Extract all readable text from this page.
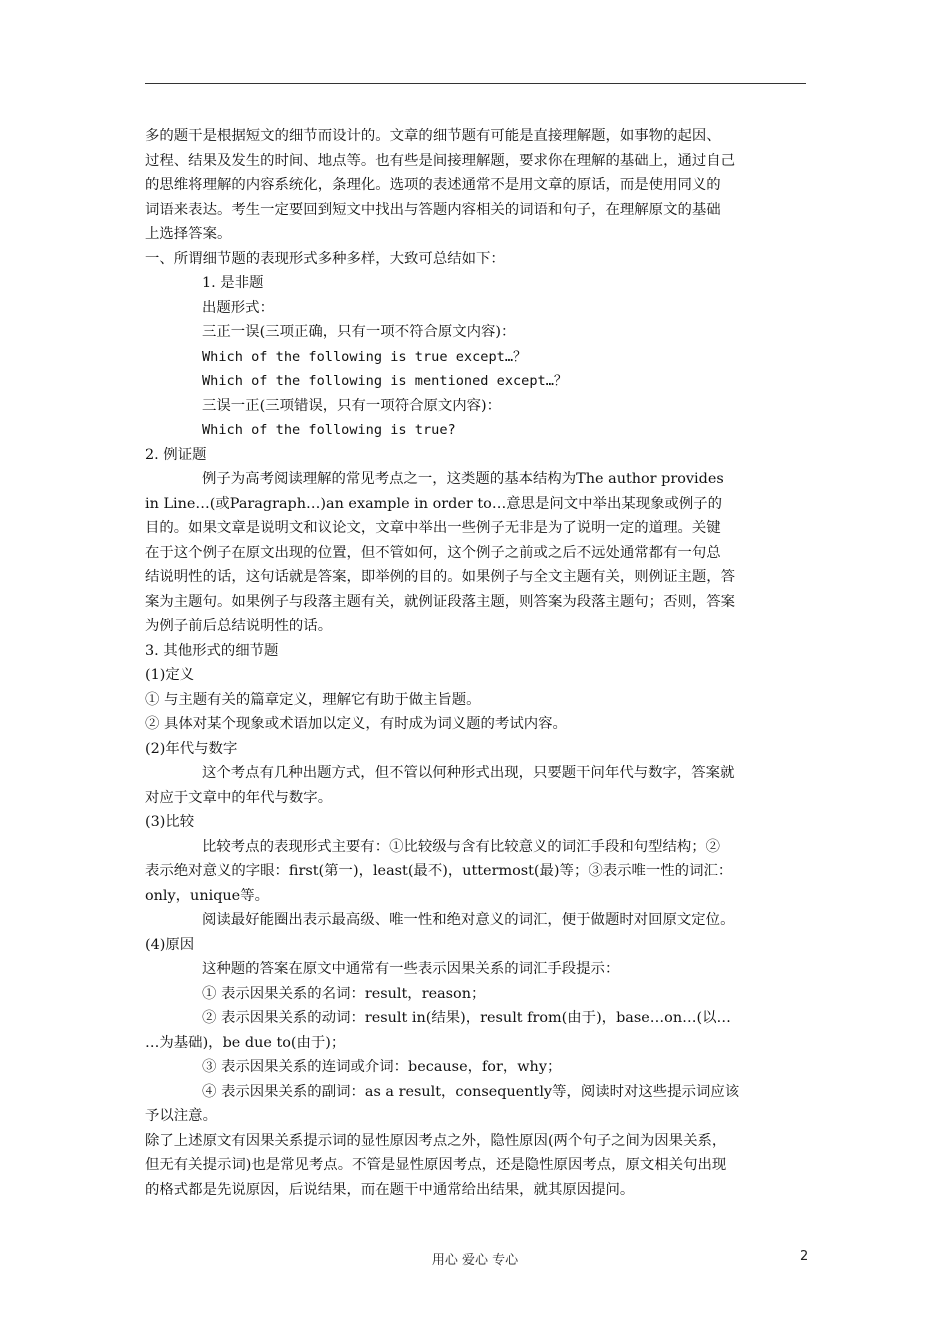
多的题干是根据短文的细节而设计的。文章的细节题有可能是直接理解题，如事物的起因、
过程、结果及发生的时间、地点等。也有些是间接理解题，要求你在理解的基础上，通过自己
的思维将理解的内容系统化，条理化。选项的表述通常不是用文章的原话，而是使用同义的
词语来表达。考生一定要回到短文中找出与答题内容相关的词语和句子，在理解原文的基础
上选择答案。
一、所谓细节题的表现形式多种多样，大致可总结如下：
1. 是非题
出题形式：
三正一误(三项正确，只有一项不符合原文内容)：
Which of the following is true except…？
Which of the following is mentioned except…？
三误一正(三项错误，只有一项符合原文内容)：
Which of the following is true?
2. 例证题
例子为高考阅读理解的常见考点之一，这类题的基本结构为The author provides
in Line…(或Paragraph…)an example in order to…意思是问文中举出某现象或例子的
目的。如果文章是说明文和议论文，文章中举出一些例子无非是为了说明一定的道理。关键
在于这个例子在原文出现的位置，但不管如何，这个例子之前或之后不远处通常都有一句总
结说明性的话，这句话就是答案，即举例的目的。如果例子与全文主题有关，则例证主题，答
案为主题句。如果例子与段落主题有关，就例证段落主题，则答案为段落主题句；否则，答案
为例子前后总结说明性的话。
3. 其他形式的细节题
(1)定义
① 与主题有关的篇章定义，理解它有助于做主旨题。
② 具体对某个现象或术语加以定义，有时成为词义题的考试内容。
(2)年代与数字
这个考点有几种出题方式，但不管以何种形式出现，只要题干问年代与数字，答案就
对应于文章中的年代与数字。
(3)比较
比较考点的表现形式主要有：①比较级与含有比较意义的词汇手段和句型结构；②
表示绝对意义的字眼：first(第一)，least(最不)，uttermost(最)等；③表示唯一性的词汇：
only，unique等。
阅读最好能圈出表示最高级、唯一性和绝对意义的词汇，便于做题时对回原文定位。
(4)原因
这种题的答案在原文中通常有一些表示因果关系的词汇手段提示：
① 表示因果关系的名词：result，reason；
② 表示因果关系的动词：result in(结果)，result from(由于)，base…on…(以…
…为基础)，be due to(由于)；
③ 表示因果关系的连词或介词：because，for，why；
④ 表示因果关系的副词：as a result，consequently等，阅读时对这些提示词应该
予以注意。
除了上述原文有因果关系提示词的显性原因考点之外，隐性原因(两个句子之间为因果关系，
但无有关提示词)也是常见考点。不管是显性原因考点，还是隐性原因考点，原文相关句出现
的格式都是先说原因，后说结果，而在题干中通常给出结果，就其原因提问。
用心 爱心 专心	2
